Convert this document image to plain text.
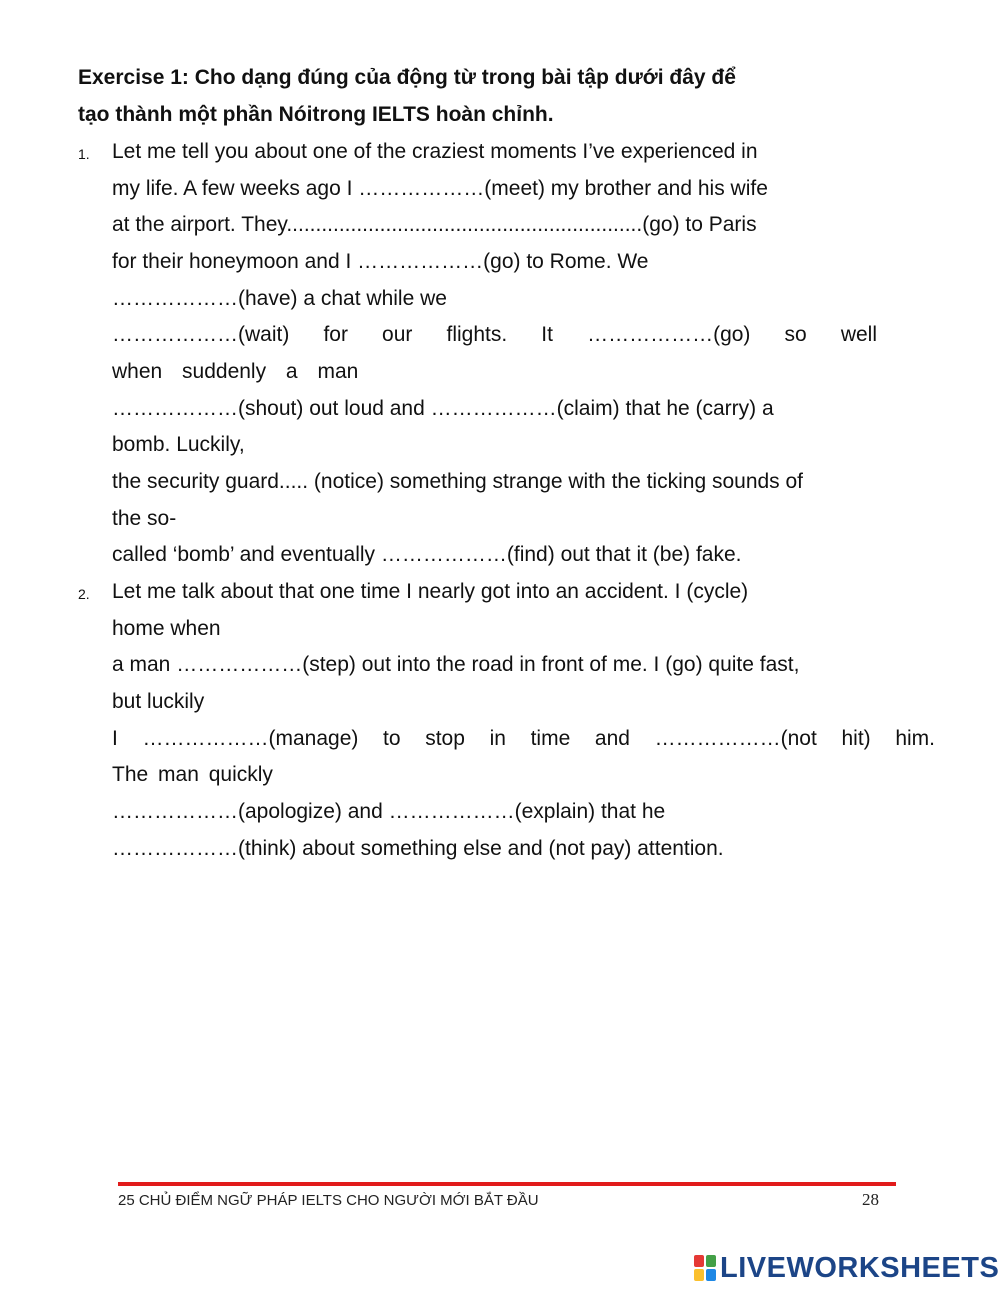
Exercise 1: Cho dạng đúng của động từ trong bài tập dưới đây để
tạo thành một phần Nóitrong IELTS hoàn chỉnh.
1. Let me tell you about one of the craziest moments I’ve experienced in
my life. A few weeks ago I ………………(meet) my brother and his wife
at the airport. They.............................................................(go) to Paris
for their honeymoon and I ………………(go) to Rome. We
………………(have) a chat while we
………………(wait) for our flights. It ………………(go) so well
when suddenly a man
………………(shout) out loud and ………………(claim) that he (carry) a
bomb. Luckily,
the security guard..... (notice) something strange with the ticking sounds of
the so-
called ‘bomb’ and eventually ………………(find) out that it (be) fake.
2. Let me talk about that one time I nearly got into an accident. I (cycle)
home when
a man ………………(step) out into the road in front of me. I (go) quite fast,
but luckily
I ………………(manage) to stop in time and ………………(not hit) him.
The man quickly
………………(apologize) and ………………(explain) that he
………………(think) about something else and (not pay) attention.
25 CHỦ ĐIỂM NGỮ PHÁP IELTS CHO NGƯỜI MỚI BẮT ĐẦU	28
LIVEWORKSHEETS
